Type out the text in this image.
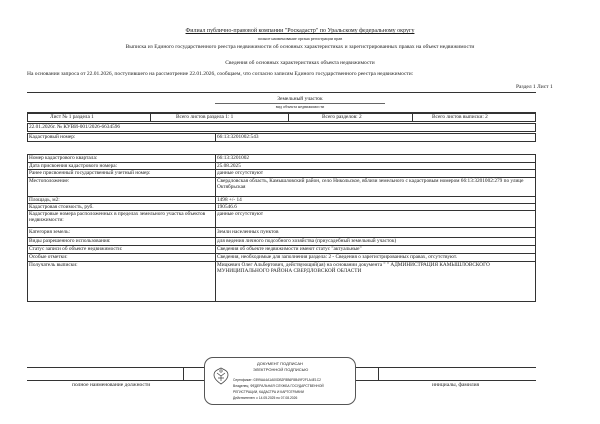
Филиал публично-правовой компании "Роскадастр" по Уральскому федеральному округу
полное наименование органа регистрации прав
Выписка из Единого государственного реестра недвижимости об основных характеристиках и зарегистрированных правах на объект недвижимости
Сведения об основных характеристиках объекта недвижимости
На основании запроса от 22.01.2026, поступившего на рассмотрение 22.01.2026, сообщаем, что согласно записям Единого государственного реестра недвижимости:
Раздел 1 Лист 1
Земельный участок
вид объекта недвижимости
Лист № 1 раздела 1	Всего листов раздела 1: 1	Всего разделов: 2	Всего листов выписки: 2
22.01.2026г. № КУВИ-001/2026-6634596
Кадастровый номер:	66:13:3201002:543
Номер кадастрового квартала:	66:13:3201002
Дата присвоения кадастрового номера:	25.08.2025
Ранее присвоенный государственный учетный номер:	данные отсутствуют
Местоположение:	Свердловская область, Камышловский район, село Никольское, вблизи земельного с кадастровым номером 66:13:3201002:279 по улице Октябрьская
Площадь, м2:	1498 +/- 14
Кадастровая стоимость, руб.	190546.6
Кадастровые номера расположенных в пределах земельного участка объектов недвижимости:
данные отсутствуют
Категория земель:	Земли населенных пунктов
Виды разрешенного использования:	для ведения личного подсобного хозяйства (приусадебный земельный участок)
Статус записи об объекте недвижимости:	Сведения об объекте недвижимости имеют статус "актуальные"
Особые отметки:	Сведения, необходимые для заполнения раздела: 2 - Сведения о зарегистрированных правах, отсутствуют.
Получатель выписки:	Мицкевич Олег Альбертович, действующий(ая) на основании документа " " АДМИНИСТРАЦИЯ КАМЫШЛОВСКОГО МУНИЦИПАЛЬНОГО РАЙОНА СВЕРДЛОВСКОЙ ОБЛАСТИ
полное наименование должности	инициалы, фамилия
ДОКУМЕНТ ПОДПИСАН
ЭЛЕКТРОННОЙ ПОДПИСЬЮ
Сертификат: 0399AA4A1A00DB2F8B6F8B49F2F1A4E1C2
Владелец: ФЕДЕРАЛЬНАЯ СЛУЖБА ГОСУДАРСТВЕННОЙ
РЕГИСТРАЦИИ, КАДАСТРА И КАРТОГРАФИИ
Действителен: с 14.05.2025 по 07.08.2026
